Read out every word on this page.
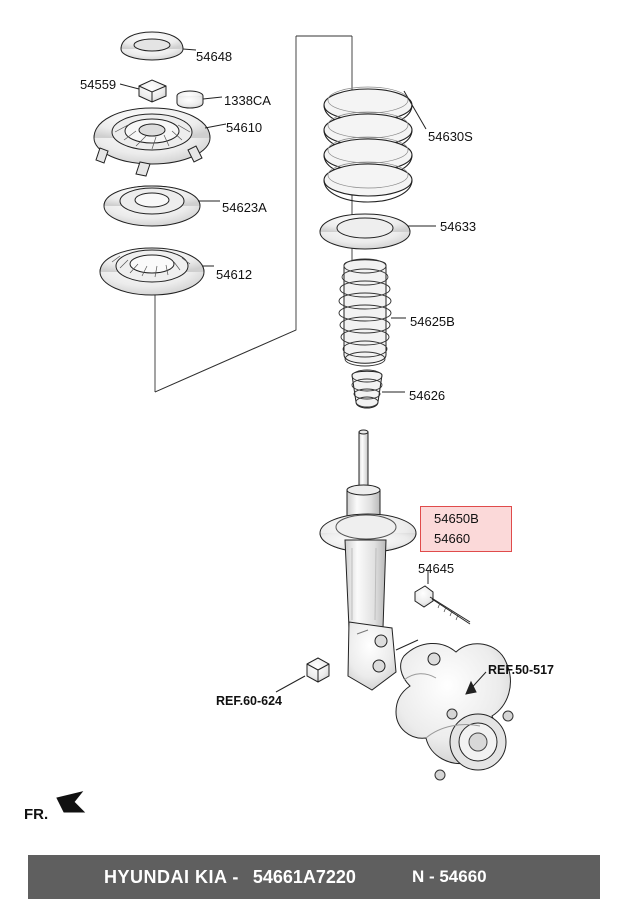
54650B
54660
54648
54559
1338CA
54610
54630S
54623A
54633
54612
54625B
54626
54645
REF.50-517
REF.60-624
FR.
HYUNDAI KIA - 54661A7220	N - 54660
